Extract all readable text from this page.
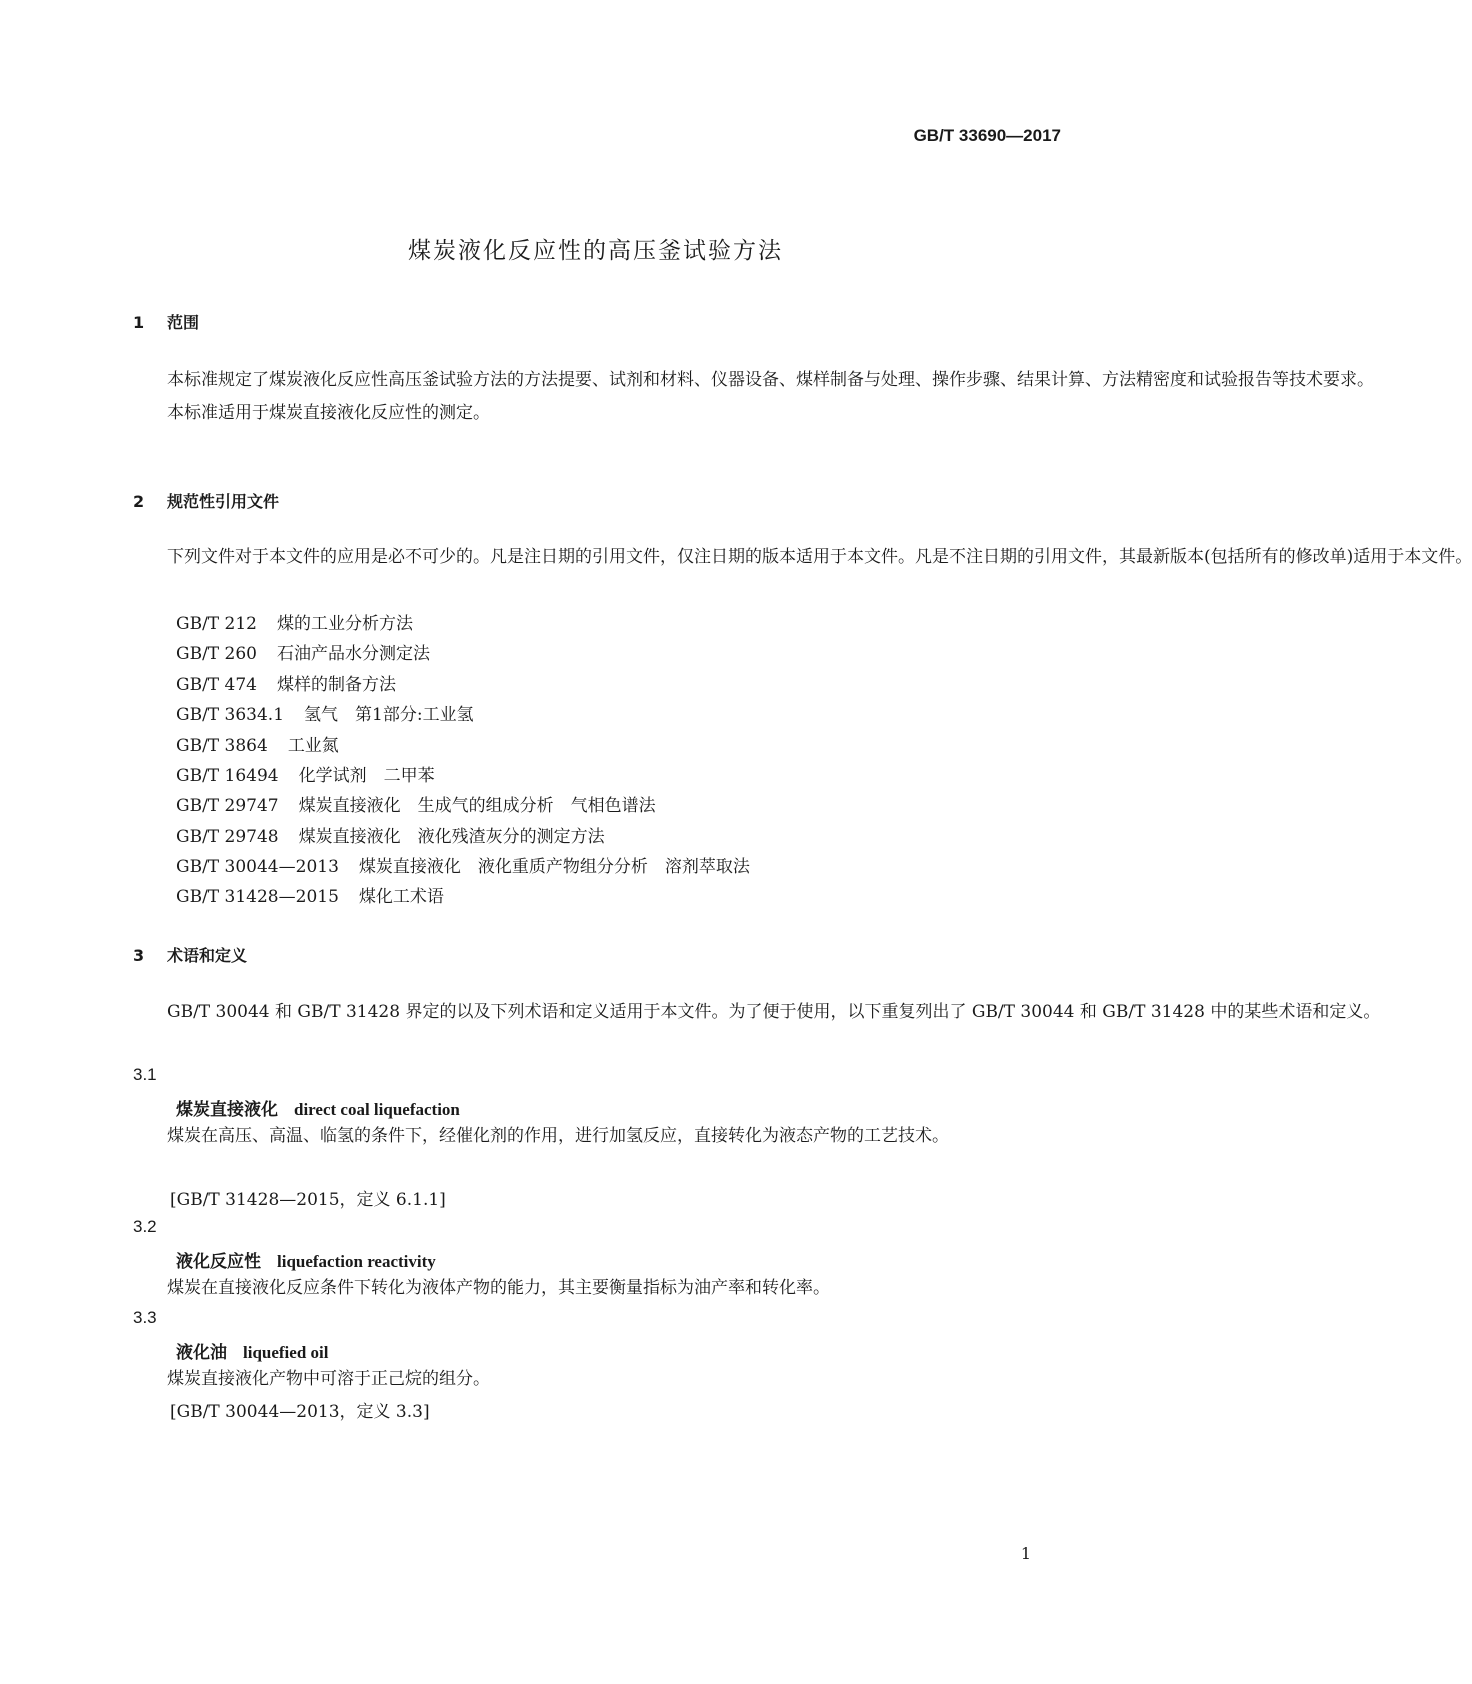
GB/T 33690—2017
煤炭液化反应性的高压釜试验方法
1 范围

本标准规定了煤炭液化反应性高压釜试验方法的方法提要、试剂和材料、仪器设备、煤样制备与处理、操作步骤、结果计算、方法精密度和试验报告等技术要求。

本标准适用于煤炭直接液化反应性的测定。

2 规范性引用文件

下列文件对于本文件的应用是必不可少的。凡是注日期的引用文件，仅注日期的版本适用于本文件。凡是不注日期的引用文件，其最新版本(包括所有的修改单)适用于本文件。

GB/T 212 煤的工业分析方法
GB/T 260 石油产品水分测定法
GB/T 474 煤样的制备方法
GB/T 3634.1 氢气　第1部分:工业氢
GB/T 3864 工业氮
GB/T 16494 化学试剂　二甲苯
GB/T 29747 煤炭直接液化　生成气的组成分析　气相色谱法
GB/T 29748 煤炭直接液化　液化残渣灰分的测定方法
GB/T 30044—2013 煤炭直接液化　液化重质产物组分分析　溶剂萃取法
GB/T 31428—2015 煤化工术语
3 术语和定义

GB/T 30044 和 GB/T 31428 界定的以及下列术语和定义适用于本文件。为了便于使用，以下重复列出了 GB/T 30044 和 GB/T 31428 中的某些术语和定义。

3.1
煤炭直接液化 direct coal liquefaction

煤炭在高压、高温、临氢的条件下，经催化剂的作用，进行加氢反应，直接转化为液态产物的工艺技术。

[GB/T 31428—2015，定义 6.1.1]
3.2
液化反应性 liquefaction reactivity

煤炭在直接液化反应条件下转化为液体产物的能力，其主要衡量指标为油产率和转化率。

3.3
液化油 liquefied oil

煤炭直接液化产物中可溶于正己烷的组分。

[GB/T 30044—2013，定义 3.3]
1
